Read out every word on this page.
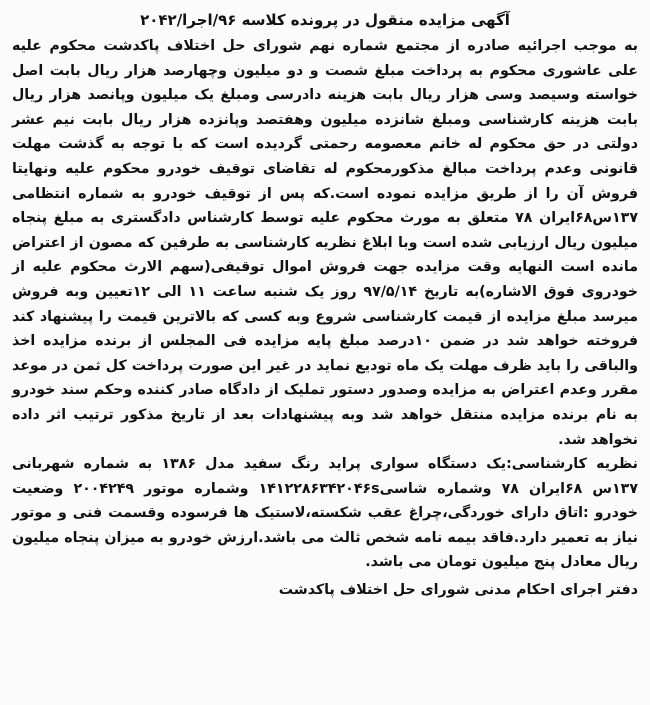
آگهی مزایده منقول در پرونده کلاسه ۹۶/اجرا/۲۰۴۲

به موجب اجرائیه صادره از مجتمع شماره نهم شورای حل اختلاف پاکدشت محکوم علیه علی عاشوری محکوم به پرداخت مبلغ شصت و دو میلیون وچهارصد هزار ریال بابت اصل خواسته وسیصد وسی هزار ریال بابت هزینه دادرسی ومبلغ یک میلیون وپانصد هزار ریال بابت هزینه کارشناسی ومبلغ شانزده میلیون وهفتصد وپانزده هزار ریال بابت نیم عشر دولتی در حق محکوم له خانم معصومه رحمتی گردیده است که با توجه به گذشت مهلت قانونی وعدم پرداخت مبالغ مذکورمحکوم له تقاضای توقیف خودرو محکوم علیه ونهایتا فروش آن را از طریق مزایده نموده است.که پس از توقیف خودرو به شماره انتظامی ۱۳۷س۶۸ایران ۷۸ متعلق به مورث محکوم علیه توسط کارشناس دادگستری به مبلغ پنجاه میلیون ریال ارزیابی شده است وبا ابلاغ نظریه کارشناسی به طرفین که مصون از اعتراض مانده است النهایه وقت مزایده جهت فروش اموال توقیفی(سهم الارث محکوم علیه از خودروی فوق الاشاره)به تاریخ ۹۷/۵/۱۴ روز یک شنبه ساعت ۱۱ الی ۱۲تعیین وبه فروش میرسد مبلغ مزایده از قیمت کارشناسی شروع وبه کسی که بالاترین قیمت را پیشنهاد کند فروخته خواهد شد در ضمن ۱۰درصد مبلغ پایه مزایده فی المجلس از برنده مزایده اخذ والباقی را باید ظرف مهلت یک ماه تودیع نماید در غیر این صورت پرداخت کل ثمن در موعد مقرر وعدم اعتراض به مزایده وصدور دستور تملیک از دادگاه صادر کننده وحکم سند خودرو به نام برنده مزایده منتقل خواهد شد وبه پیشنهادات بعد از تاریخ مذکور ترتیب اثر داده نخواهد شد.

نظریه کارشناسی:یک دستگاه سواری پراید رنگ سفید مدل ۱۳۸۶ به شماره شهربانی ۱۳۷س ۶۸ایران ۷۸ وشماره شاسی۱۴۱۲۲۸۶۳۴۲۰۴۶s وشماره موتور ۲۰۰۴۲۴۹ وضعیت خودرو :اتاق دارای خوردگی،چراغ عقب شکسته،لاستیک ها فرسوده وقسمت فنی و موتور نیاز به تعمیر دارد.فاقد بیمه نامه شخص ثالث می باشد.ارزش خودرو به میزان پنجاه میلیون ریال معادل پنج میلیون تومان می باشد.

دفتر اجرای احکام مدنی شورای حل اختلاف پاکدشت
